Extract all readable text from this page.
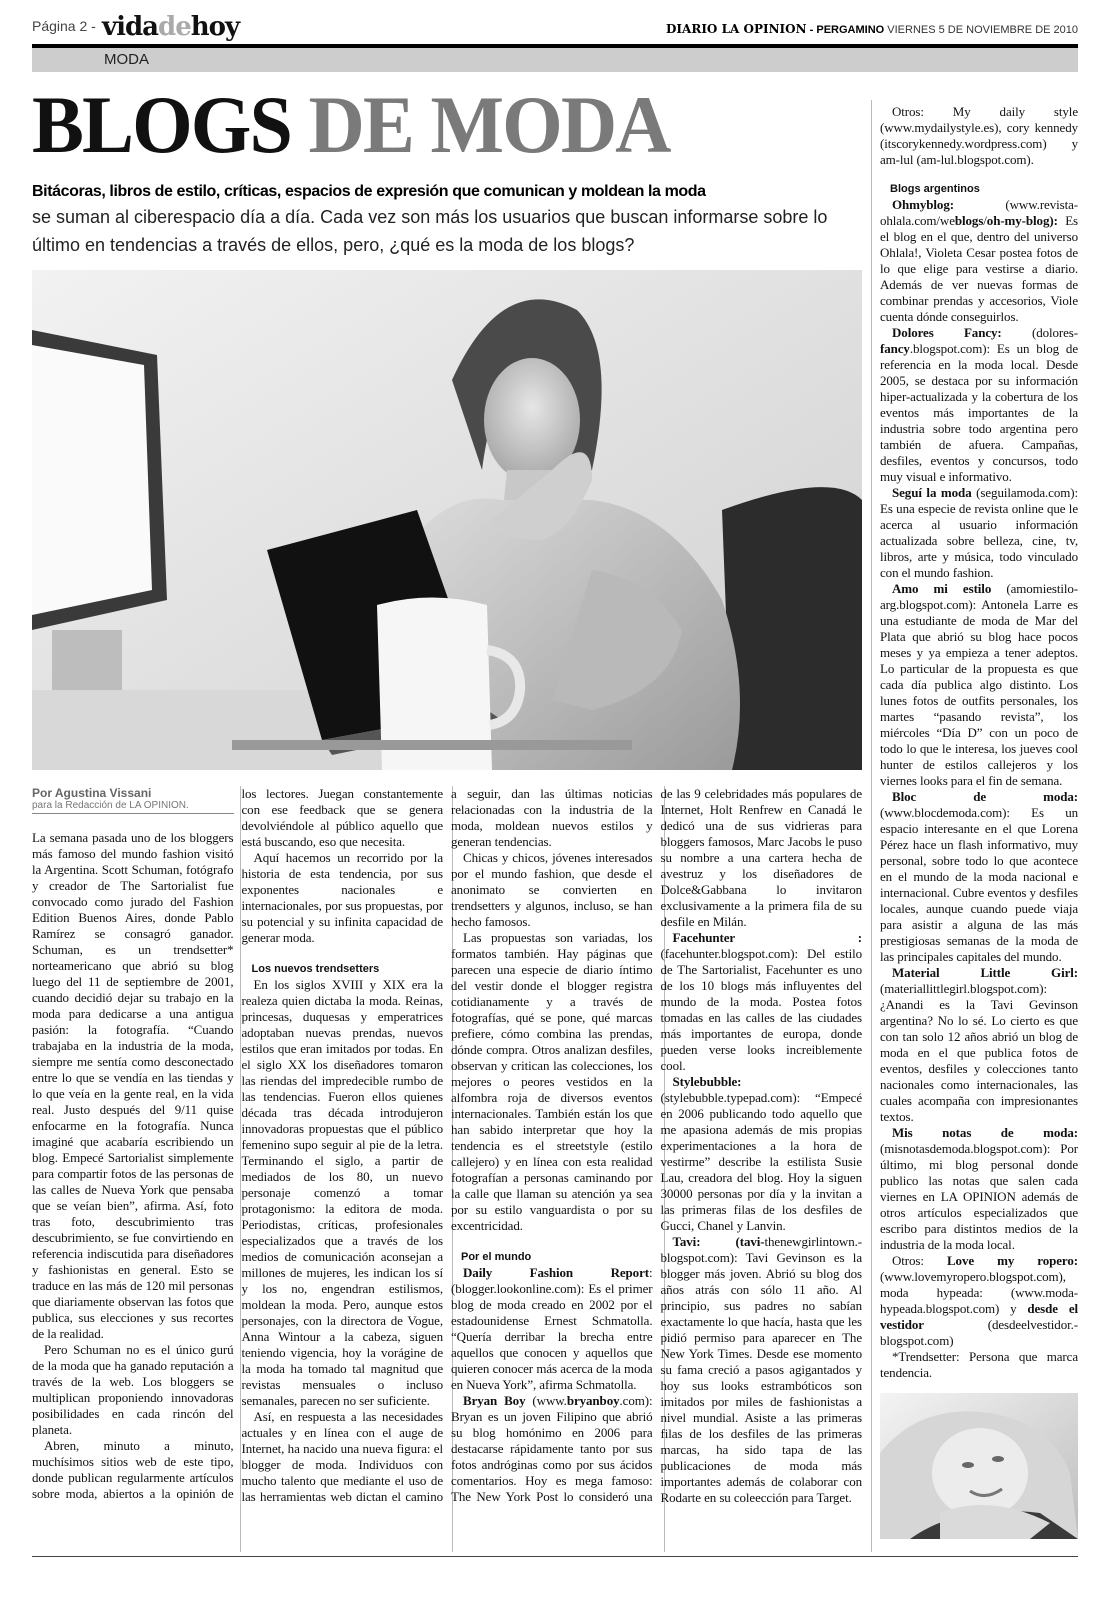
Página 2 - vidadehoy	DIARIO LA OPINION - PERGAMINO VIERNES 5 DE NOVIEMBRE DE 2010
MODA
BLOGS DE MODA
Bitácoras, libros de estilo, críticas, espacios de expresión que comunican y moldean la moda
se suman al ciberespacio día a día. Cada vez son más los usuarios que buscan informarse sobre lo último en tendencias a través de ellos, pero, ¿qué es la moda de los blogs?
Por Agustina Vissani
para la Redacción de LA OPINION.

La semana pasada uno de los bloggers más famoso del mundo fashion visitó la Argentina. Scott Schuman, fotógrafo y creador de The Sartorialist fue convocado como jurado del Fashion Edition Buenos Aires, donde Pablo Ramírez se consagró ganador. Schuman, es un trendsetter* norteamericano que abrió su blog luego del 11 de septiembre de 2001, cuando decidió dejar su trabajo en la moda para dedicarse a una antigua pasión: la fotografía. “Cuando trabajaba en la industria de la moda, siempre me sentía como desconectado entre lo que se vendía en las tiendas y lo que veía en la gente real, en la vida real. Justo después del 9/11 quise enfocarme en la fotografía. Nunca imaginé que acabaría escribiendo un blog. Empecé Sartorialist simplemente para compartir fotos de las personas de las calles de Nueva York que pensaba que se veían bien”, afirma. Así, foto tras foto, descubrimiento tras descubrimiento, se fue convirtiendo en referencia indiscutida para diseñadores y fashionistas en general. Esto se traduce en las más de 120 mil personas que diariamente observan las fotos que publica, sus elecciones y sus recortes de la realidad.

Pero Schuman no es el único gurú de la moda que ha ganado reputación a través de la web. Los bloggers se multiplican proponiendo innovadoras posibilidades en cada rincón del planeta.

Abren, minuto a minuto, muchísimos sitios web de este tipo, donde publican regularmente artículos sobre moda, abiertos a la opinión de los lectores. Juegan constantemente con ese feedback que se genera devolviéndole al público aquello que está buscando, eso que necesita.

Aquí hacemos un recorrido por la historia de esta tendencia, por sus exponentes nacionales e internacionales, por sus propuestas, por su potencial y su infinita capacidad de generar moda.

Los nuevos trendsetters

En los siglos XVIII y XIX era la realeza quien dictaba la moda. Reinas, princesas, duquesas y emperatrices adoptaban nuevas prendas, nuevos estilos que eran imitados por todas. En el siglo XX los diseñadores tomaron las riendas del impredecible rumbo de las tendencias. Fueron ellos quienes década tras década introdujeron innovadoras propuestas que el público femenino supo seguir al pie de la letra. Terminando el siglo, a partir de mediados de los 80, un nuevo personaje comenzó a tomar protagonismo: la editora de moda. Periodistas, críticas, profesionales especializados que a través de los medios de comunicación aconsejan a millones de mujeres, les indican los sí y los no, engendran estilismos, moldean la moda. Pero, aunque estos personajes, con la directora de Vogue, Anna Wintour a la cabeza, siguen teniendo vigencia, hoy la vorágine de la moda ha tomado tal magnitud que revistas mensuales o incluso semanales, parecen no ser suficiente.

Así, en respuesta a las necesidades actuales y en línea con el auge de Internet, ha nacido una nueva figura: el blogger de moda. Individuos con mucho talento que mediante el uso de las herramientas web dictan el camino a seguir, dan las últimas noticias relacionadas con la industria de la moda, moldean nuevos estilos y generan tendencias.

Chicas y chicos, jóvenes interesados por el mundo fashion, que desde el anonimato se convierten en trendsetters y algunos, incluso, se han hecho famosos.

Las propuestas son variadas, los formatos también. Hay páginas que parecen una especie de diario íntimo del vestir donde el blogger registra cotidianamente y a través de fotografías, qué se pone, qué marcas prefiere, cómo combina las prendas, dónde compra. Otros analizan desfiles, observan y critican las colecciones, los mejores o peores vestidos en la alfombra roja de diversos eventos internacionales. También están los que han sabido interpretar que hoy la tendencia es el streetstyle (estilo callejero) y en línea con esta realidad fotografían a personas caminando por la calle que llaman su atención ya sea por su estilo vanguardista o por su excentricidad.

Por el mundo

Daily Fashion Report: (blogger.lookonline.com): Es el primer blog de moda creado en 2002 por el estadounidense Ernest Schmatolla. “Quería derribar la brecha entre aquellos que conocen y aquellos que quieren conocer más acerca de la moda en Nueva York”, afirma Schmatolla.

Bryan Boy (www.bryanboy.com): Bryan es un joven Filipino que abrió su blog homónimo en 2006 para destacarse rápidamente tanto por sus fotos andróginas como por sus ácidos comentarios. Hoy es mega famoso: The New York Post lo consideró una de las 9 celebridades más populares de Internet, Holt Renfrew en Canadá le dedicó una de sus vidrieras para bloggers famosos, Marc Jacobs le puso su nombre a una cartera hecha de avestruz y los diseñadores de Dolce&Gabbana lo invitaron exclusivamente a la primera fila de su desfile en Milán.

Facehunter : (facehunter.blogspot.com): Del estilo de The Sartorialist, Facehunter es uno de los 10 blogs más influyentes del mundo de la moda. Postea fotos tomadas en las calles de las ciudades más importantes de europa, donde pueden verse looks increiblemente cool.

Stylebubble: (stylebubble.typepad.com): “Empecé en 2006 publicando todo aquello que me apasiona además de mis propias experimentaciones a la hora de vestirme” describe la estilista Susie Lau, creadora del blog. Hoy la siguen 30000 personas por día y la invitan a las primeras filas de los desfiles de Gucci, Chanel y Lanvin.

Tavi: (tavi-thenewgirlintown.-blogspot.com): Tavi Gevinson es la blogger más joven. Abrió su blog dos años atrás con sólo 11 año. Al principio, sus padres no sabían exactamente lo que hacía, hasta que les pidió permiso para aparecer en The New York Times. Desde ese momento su fama creció a pasos agigantados y hoy sus looks estrambóticos son imitados por miles de fashionistas a nivel mundial. Asiste a las primeras filas de los desfiles de las primeras marcas, ha sido tapa de las publicaciones de moda más importantes además de colaborar con Rodarte en su coleección para Target.

Otros: My daily style (www.mydailystyle.es), cory kennedy (itscorykennedy.wordpress.com) y am-lul (am-lul.blogspot.com).

Blogs argentinos

Ohmyblog: (www.revista-ohlala.com/weblogs/oh-my-blog): Es el blog en el que, dentro del universo Ohlala!, Violeta Cesar postea fotos de lo que elige para vestirse a diario. Además de ver nuevas formas de combinar prendas y accesorios, Viole cuenta dónde conseguirlos.

Dolores Fancy: (dolores-fancy.blogspot.com): Es un blog de referencia en la moda local. Desde 2005, se destaca por su información hiper-actualizada y la cobertura de los eventos más importantes de la industria sobre todo argentina pero también de afuera. Campañas, desfiles, eventos y concursos, todo muy visual e informativo.

Seguí la moda (seguilamoda.com): Es una especie de revista online que le acerca al usuario información actualizada sobre belleza, cine, tv, libros, arte y música, todo vinculado con el mundo fashion.

Amo mi estilo (amomiestilo-arg.blogspot.com): Antonela Larre es una estudiante de moda de Mar del Plata que abrió su blog hace pocos meses y ya empieza a tener adeptos. Lo particular de la propuesta es que cada día publica algo distinto. Los lunes fotos de outfits personales, los martes “pasando revista”, los miércoles “Día D” con un poco de todo lo que le interesa, los jueves cool hunter de estilos callejeros y los viernes looks para el fin de semana.

Bloc de moda: (www.blocdemoda.com): Es un espacio interesante en el que Lorena Pérez hace un flash informativo, muy personal, sobre todo lo que acontece en el mundo de la moda nacional e internacional. Cubre eventos y desfiles locales, aunque cuando puede viaja para asistir a alguna de las más prestigiosas semanas de la moda de las principales capitales del mundo.

Material Little Girl: (materiallittlegirl.blogspot.com): ¿Anandi es la Tavi Gevinson argentina? No lo sé. Lo cierto es que con tan solo 12 años abrió un blog de moda en el que publica fotos de eventos, desfiles y colecciones tanto nacionales como internacionales, las cuales acompaña con impresionantes textos.

Mis notas de moda: (misnotasdemoda.blogspot.com): Por último, mi blog personal donde publico las notas que salen cada viernes en LA OPINION además de otros artículos especializados que escribo para distintos medios de la industria de la moda local.

Otros: Love my ropero: (www.lovemyropero.blogspot.com), moda hypeada: (www.moda-hypeada.blogspot.com) y desde el vestidor (desdeelvestidor.-blogspot.com)

*Trendsetter: Persona que marca tendencia.
